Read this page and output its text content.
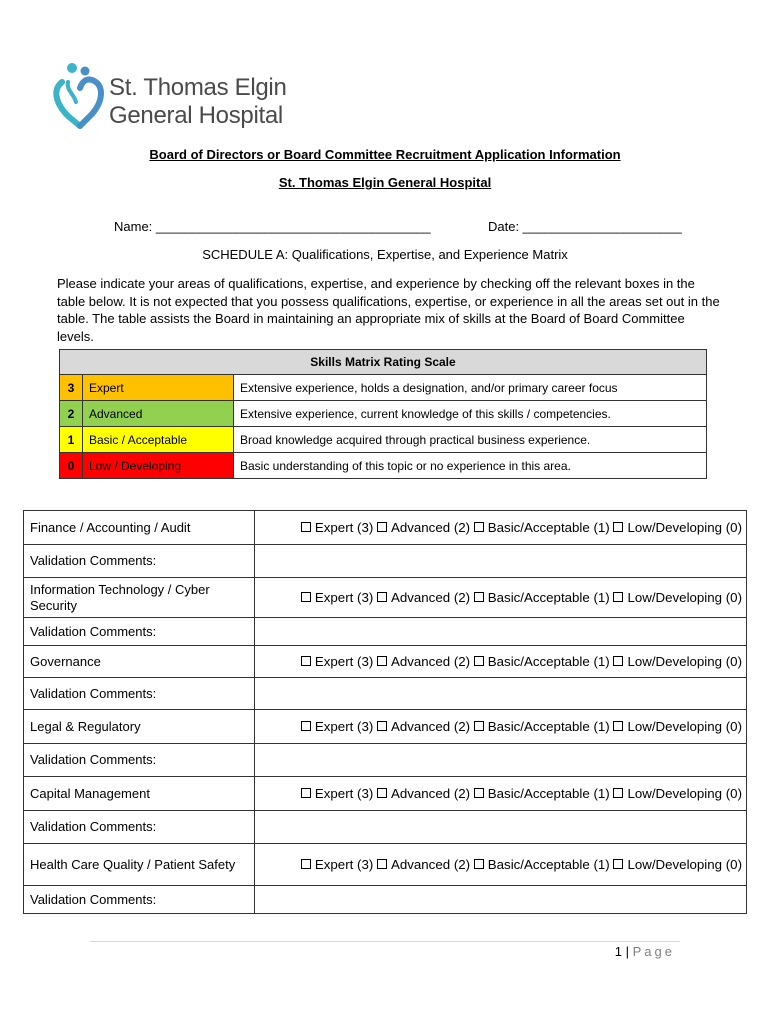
St. Thomas Elgin
General Hospital
Board of Directors or Board Committee Recruitment Application Information
St. Thomas Elgin General Hospital
Name: ______________________________________	Date: ______________________
SCHEDULE A: Qualifications, Expertise, and Experience Matrix
Please indicate your areas of qualifications, expertise, and experience by checking off the relevant boxes in the table below. It is not expected that you possess qualifications, expertise, or experience in all the areas set out in the table. The table assists the Board in maintaining an appropriate mix of skills at the Board of Board Committee levels.
Skills Matrix Rating Scale		
3	Expert	Extensive experience, holds a designation, and/or primary career focus
2	Advanced	Extensive experience, current knowledge of this skills / competencies.
1	Basic / Acceptable	Broad knowledge acquired through practical business experience.
0	Low / Developing	Basic understanding of this topic or no experience in this area.
Finance / Accounting / Audit	Expert (3) Advanced (2) Basic/Acceptable (1) Low/Developing (0)
Validation Comments:	
Information Technology / Cyber Security	Expert (3) Advanced (2) Basic/Acceptable (1) Low/Developing (0)
Validation Comments:	
Governance	Expert (3) Advanced (2) Basic/Acceptable (1) Low/Developing (0)
Validation Comments:	
Legal & Regulatory	Expert (3) Advanced (2) Basic/Acceptable (1) Low/Developing (0)
Validation Comments:	
Capital Management	Expert (3) Advanced (2) Basic/Acceptable (1) Low/Developing (0)
Validation Comments:	
Health Care Quality / Patient Safety	Expert (3) Advanced (2) Basic/Acceptable (1) Low/Developing (0)
Validation Comments:	
1 | Page
